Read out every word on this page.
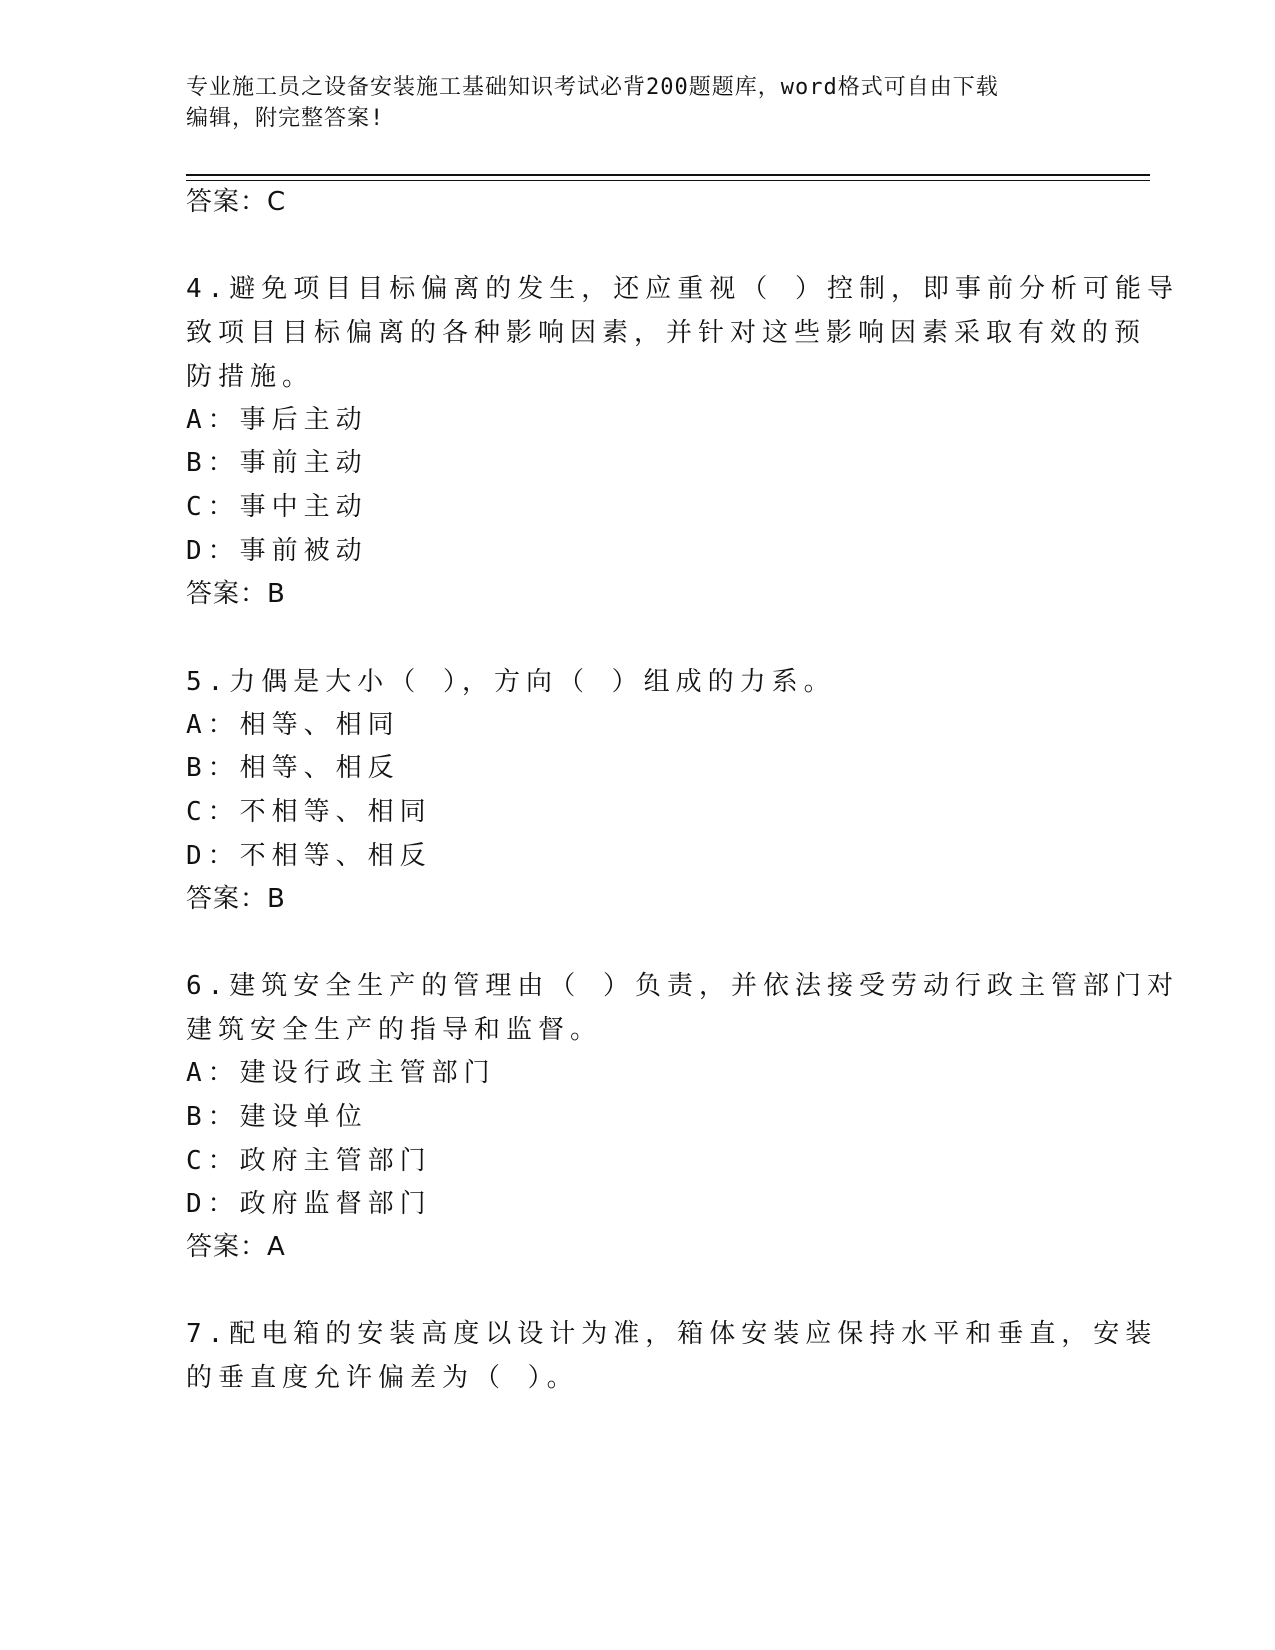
专业施工员之设备安装施工基础知识考试必背200题题库，word格式可自由下载
编辑，附完整答案!
答案：C
4.避免项目目标偏离的发生，还应重视（ ）控制，即事前分析可能导
致项目目标偏离的各种影响因素，并针对这些影响因素采取有效的预
防措施。
A：事后主动
B：事前主动
C：事中主动
D：事前被动
答案：B
5.力偶是大小（ ），方向（ ）组成的力系。
A：相等、相同
B：相等、相反
C：不相等、相同
D：不相等、相反
答案：B
6.建筑安全生产的管理由（ ）负责，并依法接受劳动行政主管部门对
建筑安全生产的指导和监督。
A：建设行政主管部门
B：建设单位
C：政府主管部门
D：政府监督部门
答案：A
7.配电箱的安装高度以设计为准，箱体安装应保持水平和垂直，安装
的垂直度允许偏差为（ ）。
